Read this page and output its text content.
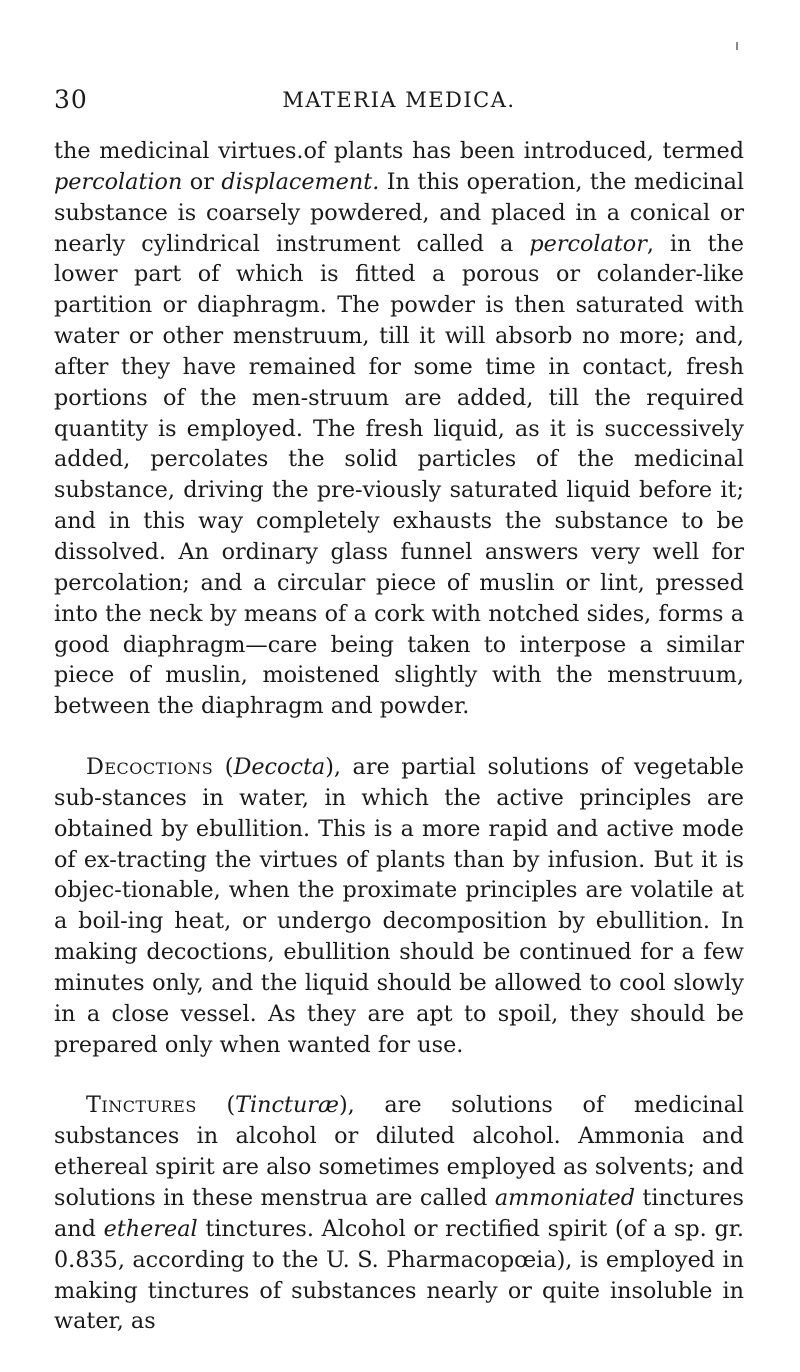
30	MATERIA MEDICA.

the medicinal virtues.of plants has been introduced, termed percolation or displacement. In this operation, the medicinal substance is coarsely powdered, and placed in a conical or nearly cylindrical instrument called a percolator, in the lower part of which is fitted a porous or colander-like partition or diaphragm. The powder is then saturated with water or other menstruum, till it will absorb no more; and, after they have remained for some time in contact, fresh portions of the men-struum are added, till the required quantity is employed. The fresh liquid, as it is successively added, percolates the solid particles of the medicinal substance, driving the pre-viously saturated liquid before it; and in this way completely exhausts the substance to be dissolved. An ordinary glass funnel answers very well for percolation; and a circular piece of muslin or lint, pressed into the neck by means of a cork with notched sides, forms a good diaphragm—care being taken to interpose a similar piece of muslin, moistened slightly with the menstruum, between the diaphragm and powder.

Decoctions (Decocta), are partial solutions of vegetable sub-stances in water, in which the active principles are obtained by ebullition. This is a more rapid and active mode of ex-tracting the virtues of plants than by infusion. But it is objec-tionable, when the proximate principles are volatile at a boil-ing heat, or undergo decomposition by ebullition. In making decoctions, ebullition should be continued for a few minutes only, and the liquid should be allowed to cool slowly in a close vessel. As they are apt to spoil, they should be prepared only when wanted for use.

Tinctures (Tincturæ), are solutions of medicinal substances in alcohol or diluted alcohol. Ammonia and ethereal spirit are also sometimes employed as solvents; and solutions in these menstrua are called ammoniated tinctures and ethereal tinctures. Alcohol or rectified spirit (of a sp. gr. 0.835, according to the U. S. Pharmacopœia), is employed in making tinctures of substances nearly or quite insoluble in water, as
